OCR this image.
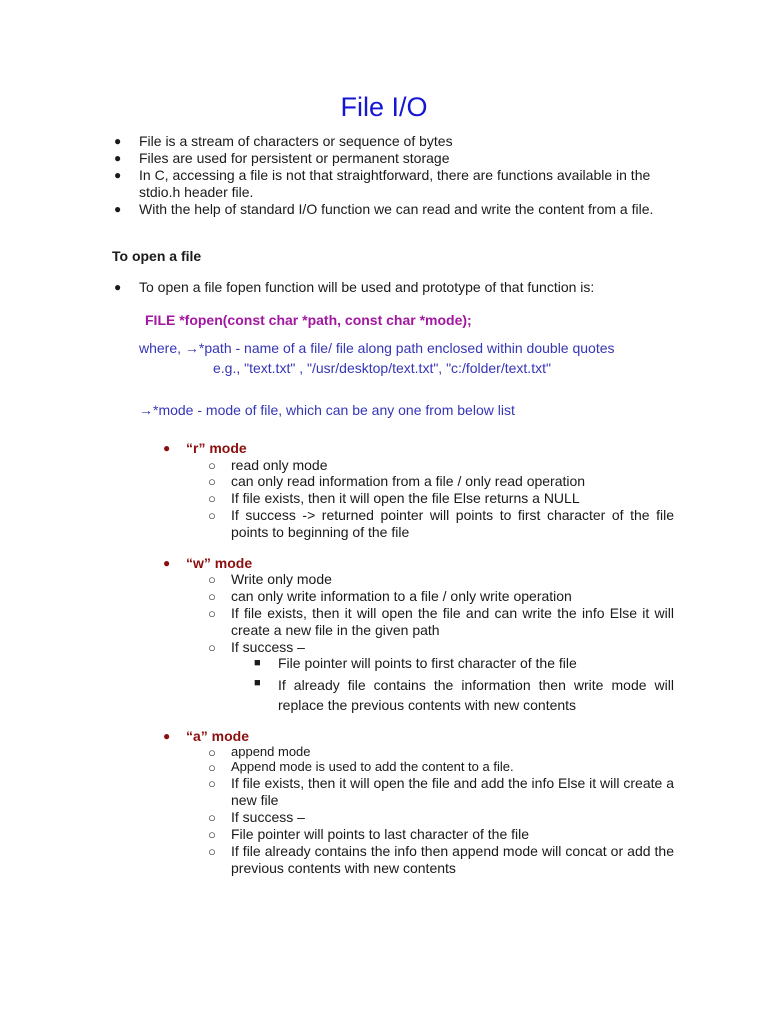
File I/O
● File is a stream of characters or sequence of bytes

● Files are used for persistent or permanent storage

● In C, accessing a file is not that straightforward, there are functions available in the stdio.h header file.

● With the help of standard I/O function we can read and write the content from a file.

To open a file
● To open a file fopen function will be used and prototype of that function is:

FILE *fopen(const char *path, const char *mode);
where, →*path - name of a file/ file along path enclosed within double quotes
e.g., "text.txt" , "/usr/desktop/text.txt", "c:/folder/text.txt"
→*mode - mode of file, which can be any one from below list
● “r” mode
○ read only mode

○ can only read information from a file / only read operation

○ If file exists, then it will open the file Else returns a NULL

○ If success -> returned pointer will points to first character of the file points to beginning of the file

● “w” mode
○ Write only mode

○ can only write information to a file / only write operation

○ If file exists, then it will open the file and can write the info Else it will create a new file in the given path

○ If success –

■ File pointer will points to first character of the file

■ If already file contains the information then write mode will replace the previous contents with new contents

● “a” mode
○ append mode

○ Append mode is used to add the content to a file.

○ If file exists, then it will open the file and add the info Else it will create a new file

○ If success –

○ File pointer will points to last character of the file

○ If file already contains the info then append mode will concat or add the previous contents with new contents
